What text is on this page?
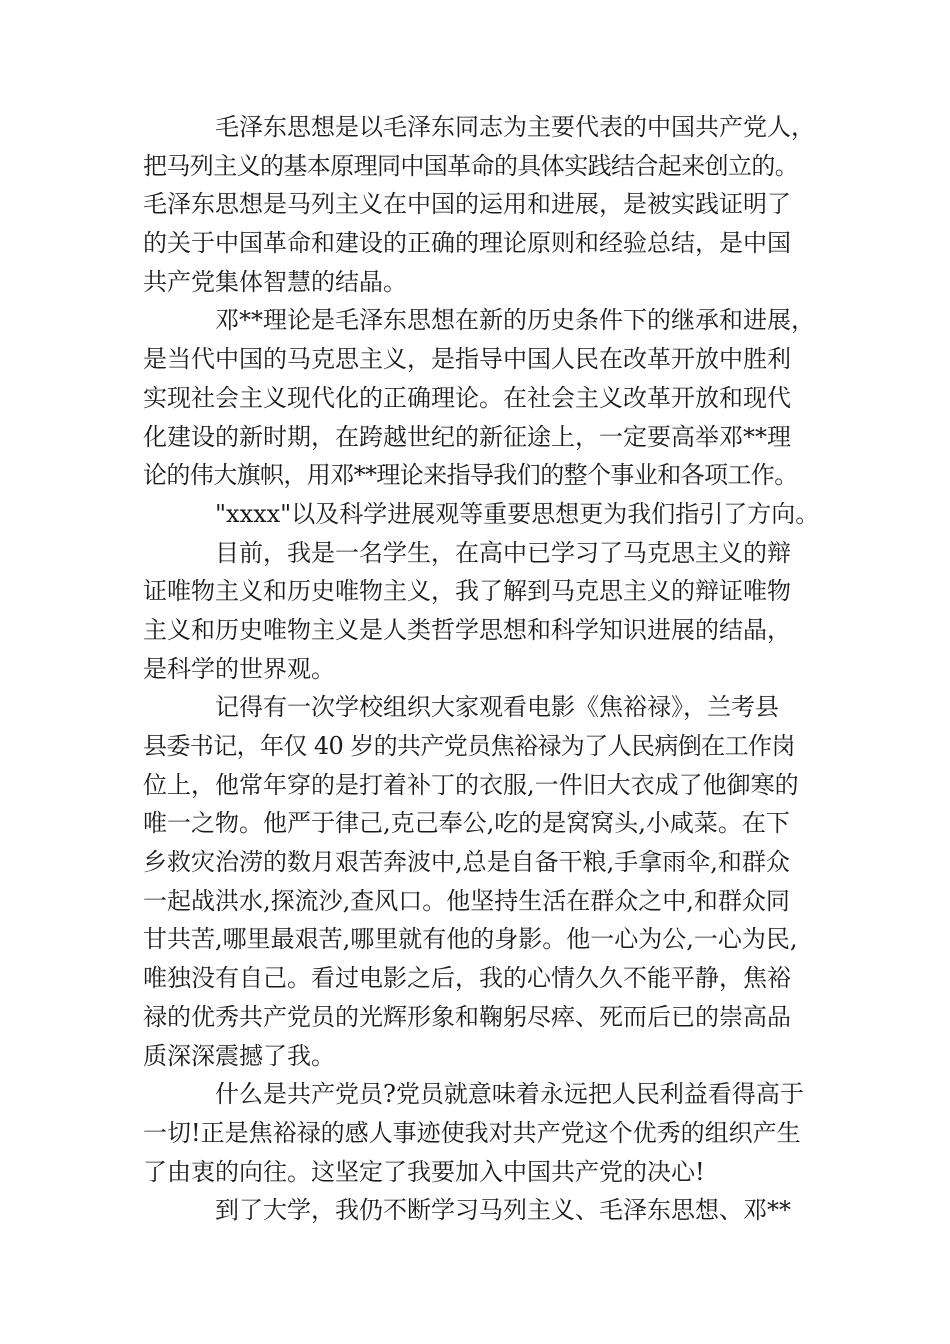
毛泽东思想是以毛泽东同志为主要代表的中国共产党人，
把马列主义的基本原理同中国革命的具体实践结合起来创立的。
毛泽东思想是马列主义在中国的运用和进展，是被实践证明了
的关于中国革命和建设的正确的理论原则和经验总结，是中国
共产党集体智慧的结晶。
邓**理论是毛泽东思想在新的历史条件下的继承和进展，
是当代中国的马克思主义，是指导中国人民在改革开放中胜利
实现社会主义现代化的正确理论。在社会主义改革开放和现代
化建设的新时期，在跨越世纪的新征途上，一定要高举邓**理
论的伟大旗帜，用邓**理论来指导我们的整个事业和各项工作。
"xxxx"以及科学进展观等重要思想更为我们指引了方向。
目前，我是一名学生，在高中已学习了马克思主义的辩
证唯物主义和历史唯物主义，我了解到马克思主义的辩证唯物
主义和历史唯物主义是人类哲学思想和科学知识进展的结晶，
是科学的世界观。
记得有一次学校组织大家观看电影《焦裕禄》，兰考县
县委书记，年仅 40 岁的共产党员焦裕禄为了人民病倒在工作岗
位上，他常年穿的是打着补丁的衣服,一件旧大衣成了他御寒的
唯一之物。他严于律己,克己奉公,吃的是窝窝头,小咸菜。在下
乡救灾治涝的数月艰苦奔波中,总是自备干粮,手拿雨伞,和群众
一起战洪水,探流沙,查风口。他坚持生活在群众之中,和群众同
甘共苦,哪里最艰苦,哪里就有他的身影。他一心为公,一心为民,
唯独没有自己。看过电影之后，我的心情久久不能平静，焦裕
禄的优秀共产党员的光辉形象和鞠躬尽瘁、死而后已的崇高品
质深深震撼了我。
什么是共产党员?党员就意味着永远把人民利益看得高于
一切!正是焦裕禄的感人事迹使我对共产党这个优秀的组织产生
了由衷的向往。这坚定了我要加入中国共产党的决心!
到了大学，我仍不断学习马列主义、毛泽东思想、邓**
